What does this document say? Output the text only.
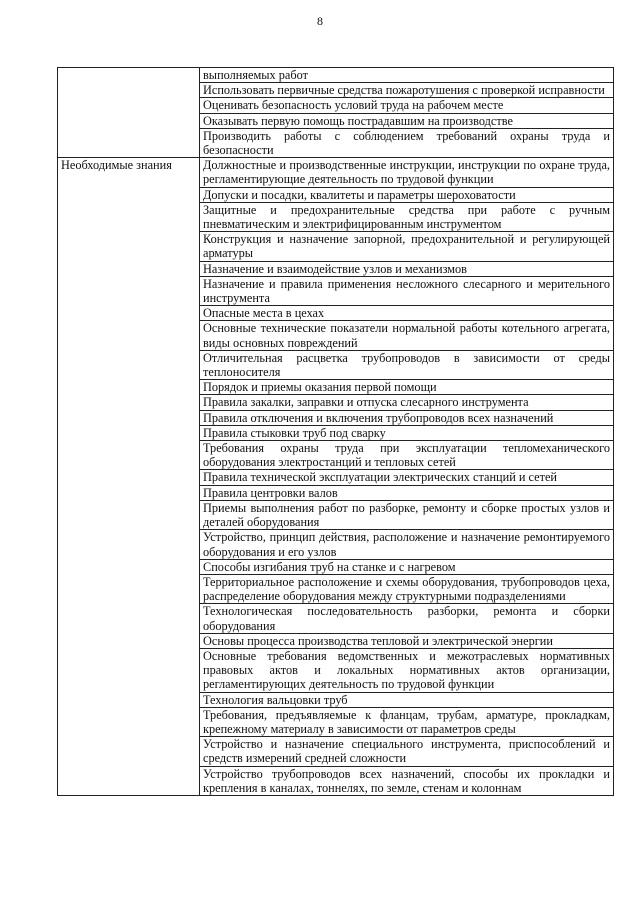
8
	выполняемых работ
	Использовать первичные средства пожаротушения с проверкой исправности
	Оценивать безопасность условий труда на рабочем месте
	Оказывать первую помощь пострадавшим на производстве
	Производить работы с соблюдением требований охраны труда и безопасности
Необходимые знания	Должностные и производственные инструкции, инструкции по охране труда, регламентирующие деятельность по трудовой функции
	Допуски и посадки, квалитеты и параметры шероховатости
	Защитные и предохранительные средства при работе с ручным пневматическим и электрифицированным инструментом
	Конструкция и назначение запорной, предохранительной и регулирующей арматуры
	Назначение и взаимодействие узлов и механизмов
	Назначение и правила применения несложного слесарного и мерительного инструмента
	Опасные места в цехах
	Основные технические показатели нормальной работы котельного агрегата, виды основных повреждений
	Отличительная расцветка трубопроводов в зависимости от среды теплоносителя
	Порядок и приемы оказания первой помощи
	Правила закалки, заправки и отпуска слесарного инструмента
	Правила отключения и включения трубопроводов всех назначений
	Правила стыковки труб под сварку
	Требования охраны труда при эксплуатации тепломеханического оборудования электростанций и тепловых сетей
	Правила технической эксплуатации электрических станций и сетей
	Правила центровки валов
	Приемы выполнения работ по разборке, ремонту и сборке простых узлов и деталей оборудования
	Устройство, принцип действия, расположение и назначение ремонтируемого оборудования и его узлов
	Способы изгибания труб на станке и с нагревом
	Территориальное расположение и схемы оборудования, трубопроводов цеха, распределение оборудования между структурными подразделениями
	Технологическая последовательность разборки, ремонта и сборки оборудования
	Основы процесса производства тепловой и электрической энергии
	Основные требования ведомственных и межотраслевых нормативных правовых актов и локальных нормативных актов организации, регламентирующих деятельность по трудовой функции
	Технология вальцовки труб
	Требования, предъявляемые к фланцам, трубам, арматуре, прокладкам, крепежному материалу в зависимости от параметров среды
	Устройство и назначение специального инструмента, приспособлений и средств измерений средней сложности
	Устройство трубопроводов всех назначений, способы их прокладки и крепления в каналах, тоннелях, по земле, стенам и колоннам
